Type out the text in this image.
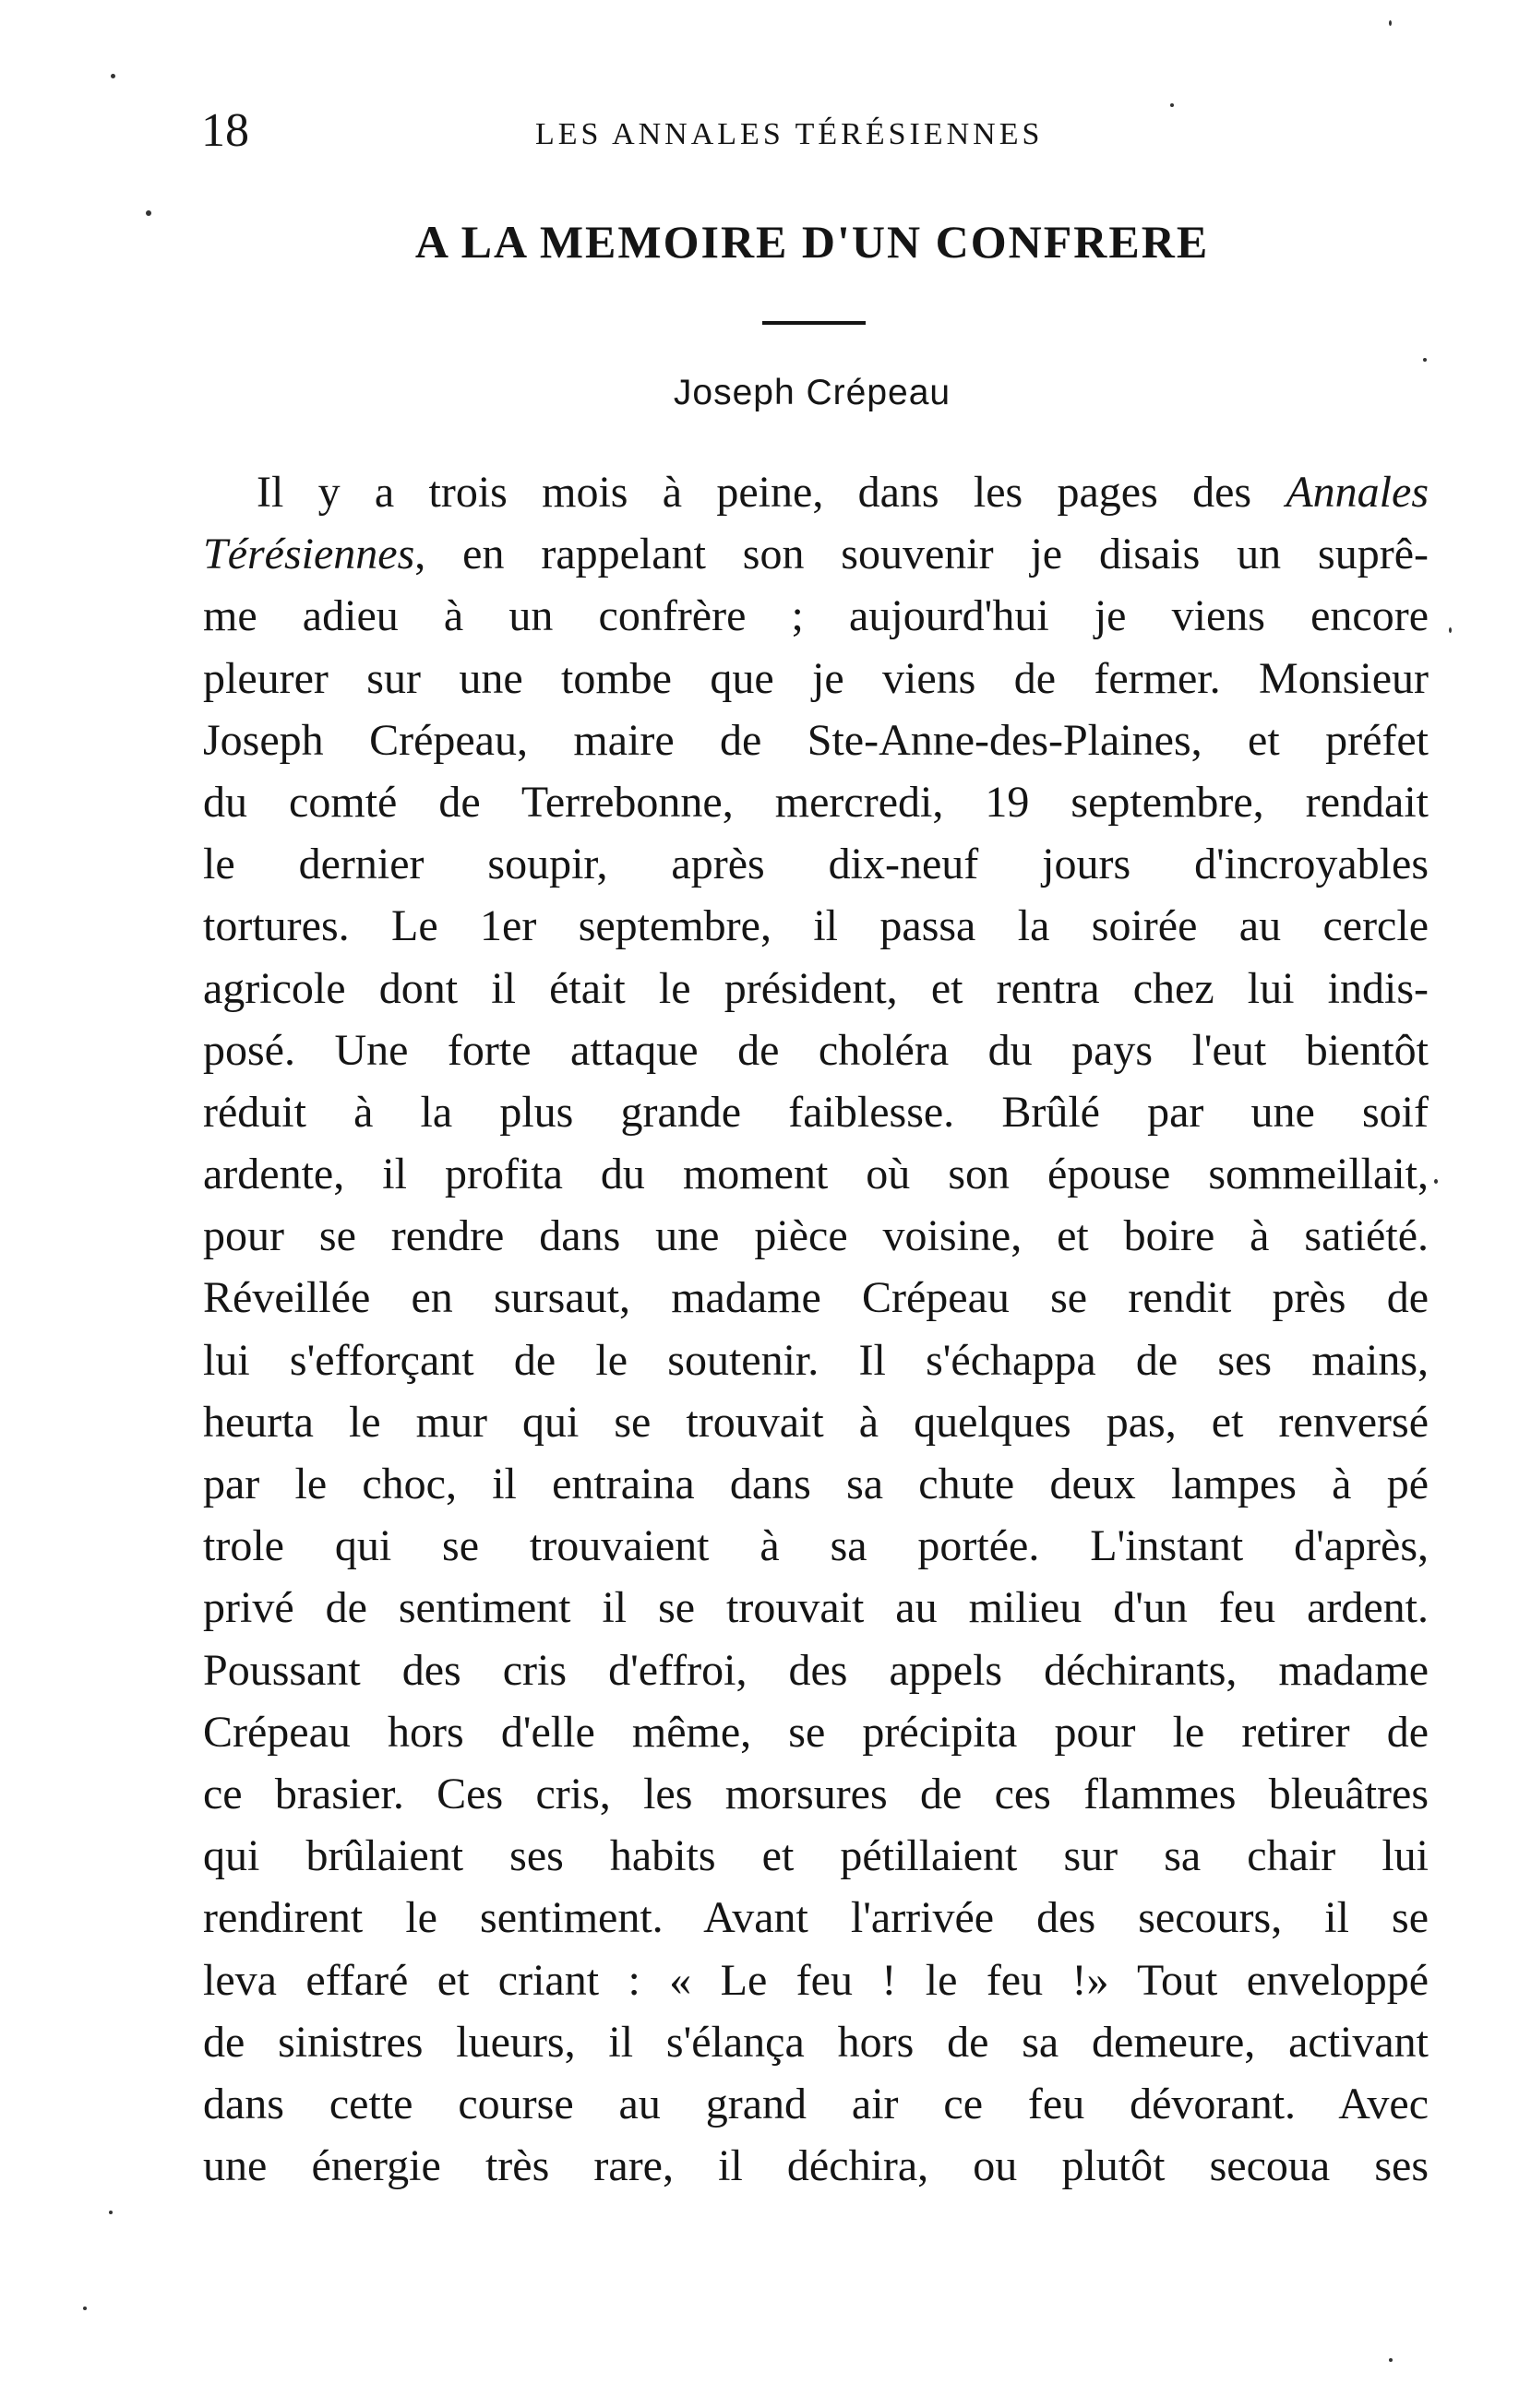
18	LES ANNALES TÉRÉSIENNES
A LA MEMOIRE D'UN CONFRERE
Joseph Crépeau
Il y a trois mois à peine, dans les pages des Annales
Térésiennes, en rappelant son souvenir je disais un suprê-
me adieu à un confrère ; aujourd'hui je viens encore
pleurer sur une tombe que je viens de fermer. Monsieur
Joseph Crépeau, maire de Ste-Anne-des-Plaines, et préfet
du comté de Terrebonne, mercredi, 19 septembre, rendait
le dernier soupir, après dix-neuf jours d'incroyables
tortures. Le 1er septembre, il passa la soirée au cercle
agricole dont il était le président, et rentra chez lui indis-
posé. Une forte attaque de choléra du pays l'eut bientôt
réduit à la plus grande faiblesse. Brûlé par une soif
ardente, il profita du moment où son épouse sommeillait,
pour se rendre dans une pièce voisine, et boire à satiété.
Réveillée en sursaut, madame Crépeau se rendit près de
lui s'efforçant de le soutenir. Il s'échappa de ses mains,
heurta le mur qui se trouvait à quelques pas, et renversé
par le choc, il entraina dans sa chute deux lampes à pé
trole qui se trouvaient à sa portée. L'instant d'après,
privé de sentiment il se trouvait au milieu d'un feu ardent.
Poussant des cris d'effroi, des appels déchirants, madame
Crépeau hors d'elle même, se précipita pour le retirer de
ce brasier. Ces cris, les morsures de ces flammes bleuâtres
qui brûlaient ses habits et pétillaient sur sa chair lui
rendirent le sentiment. Avant l'arrivée des secours, il se
leva effaré et criant : « Le feu ! le feu !» Tout enveloppé
de sinistres lueurs, il s'élança hors de sa demeure, activant
dans cette course au grand air ce feu dévorant. Avec
une énergie très rare, il déchira, ou plutôt secoua ses
